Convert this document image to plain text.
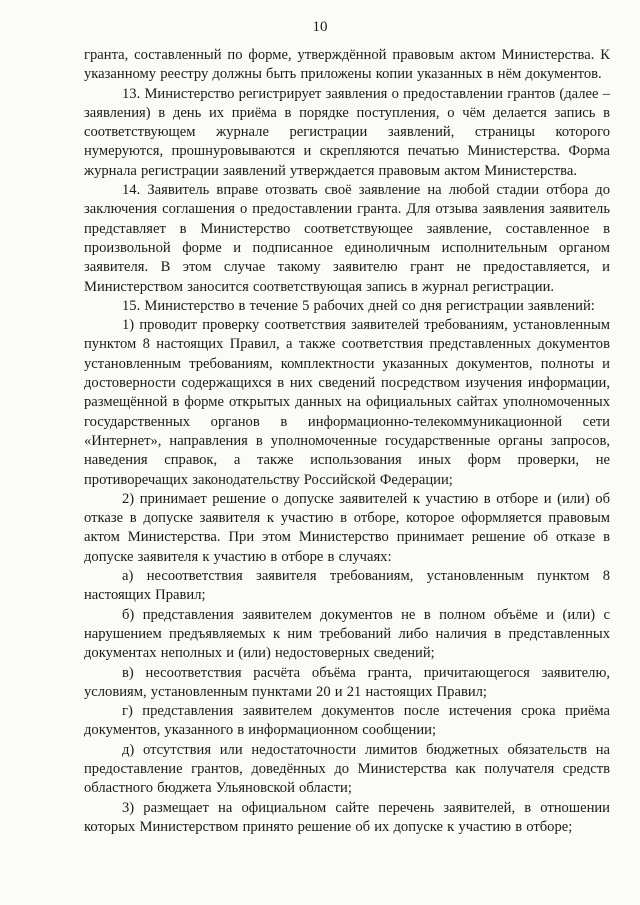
10

гранта, составленный по форме, утверждённой правовым актом Министерства. К указанному реестру должны быть приложены копии указанных в нём документов.

13. Министерство регистрирует заявления о предоставлении грантов (далее – заявления) в день их приёма в порядке поступления, о чём делается запись в соответствующем журнале регистрации заявлений, страницы которого нумеруются, прошнуровываются и скрепляются печатью Министерства. Форма журнала регистрации заявлений утверждается правовым актом Министерства.

14. Заявитель вправе отозвать своё заявление на любой стадии отбора до заключения соглашения о предоставлении гранта. Для отзыва заявления заявитель представляет в Министерство соответствующее заявление, составленное в произвольной форме и подписанное единоличным исполнительным органом заявителя. В этом случае такому заявителю грант не предоставляется, и Министерством заносится соответствующая запись в журнал регистрации.

15. Министерство в течение 5 рабочих дней со дня регистрации заявлений:

1) проводит проверку соответствия заявителей требованиям, установленным пунктом 8 настоящих Правил, а также соответствия представленных документов установленным требованиям, комплектности указанных документов, полноты и достоверности содержащихся в них сведений посредством изучения информации, размещённой в форме открытых данных на официальных сайтах уполномоченных государственных органов в информационно-телекоммуникационной сети «Интернет», направления в уполномоченные государственные органы запросов, наведения справок, а также использования иных форм проверки, не противоречащих законодательству Российской Федерации;

2) принимает решение о допуске заявителей к участию в отборе и (или) об отказе в допуске заявителя к участию в отборе, которое оформляется правовым актом Министерства. При этом Министерство принимает решение об отказе в допуске заявителя к участию в отборе в случаях:

а) несоответствия заявителя требованиям, установленным пунктом 8 настоящих Правил;

б) представления заявителем документов не в полном объёме и (или) с нарушением предъявляемых к ним требований либо наличия в представленных документах неполных и (или) недостоверных сведений;

в) несоответствия расчёта объёма гранта, причитающегося заявителю, условиям, установленным пунктами 20 и 21 настоящих Правил;

г) представления заявителем документов после истечения срока приёма документов, указанного в информационном сообщении;

д) отсутствия или недостаточности лимитов бюджетных обязательств на предоставление грантов, доведённых до Министерства как получателя средств областного бюджета Ульяновской области;

3) размещает на официальном сайте перечень заявителей, в отношении которых Министерством принято решение об их допуске к участию в отборе;
